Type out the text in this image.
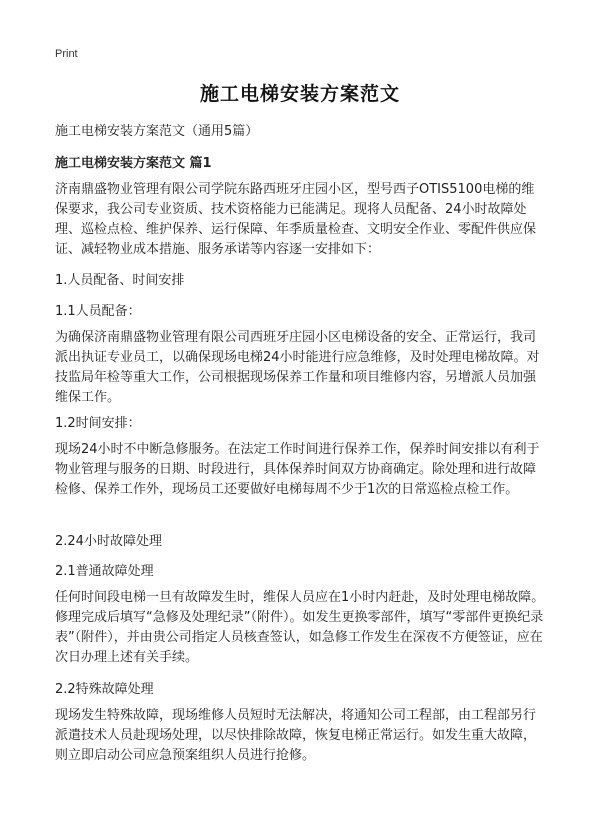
Print
施工电梯安装方案范文
施工电梯安装方案范文（通用5篇）
施工电梯安装方案范文 篇1
济南鼎盛物业管理有限公司学院东路西班牙庄园小区，型号西子OTIS5100电梯的维保要求，我公司专业资质、技术资格能力已能满足。现将人员配备、24小时故障处理、巡检点检、维护保养、运行保障、年季质量检查、文明安全作业、零配件供应保证、减轻物业成本措施、服务承诺等内容逐一安排如下：
1.人员配备、时间安排
1.1人员配备：
为确保济南鼎盛物业管理有限公司西班牙庄园小区电梯设备的安全、正常运行，我司派出执证专业员工，以确保现场电梯24小时能进行应急维修，及时处理电梯故障。对技监局年检等重大工作，公司根据现场保养工作量和项目维修内容，另增派人员加强维保工作。
1.2时间安排：
现场24小时不中断急修服务。在法定工作时间进行保养工作，保养时间安排以有利于物业管理与服务的日期、时段进行，具体保养时间双方协商确定。除处理和进行故障检修、保养工作外，现场员工还要做好电梯每周不少于1次的日常巡检点检工作。
2.24小时故障处理
2.1普通故障处理
任何时间段电梯一旦有故障发生时，维保人员应在1小时内赶赴，及时处理电梯故障。修理完成后填写“急修及处理纪录”（附件）。如发生更换零部件，填写“零部件更换纪录表”（附件），并由贵公司指定人员核查签认，如急修工作发生在深夜不方便签证，应在次日办理上述有关手续。
2.2特殊故障处理
现场发生特殊故障，现场维修人员短时无法解决，将通知公司工程部，由工程部另行派遣技术人员赴现场处理，以尽快排除故障，恢复电梯正常运行。如发生重大故障，则立即启动公司应急预案组织人员进行抢修。
